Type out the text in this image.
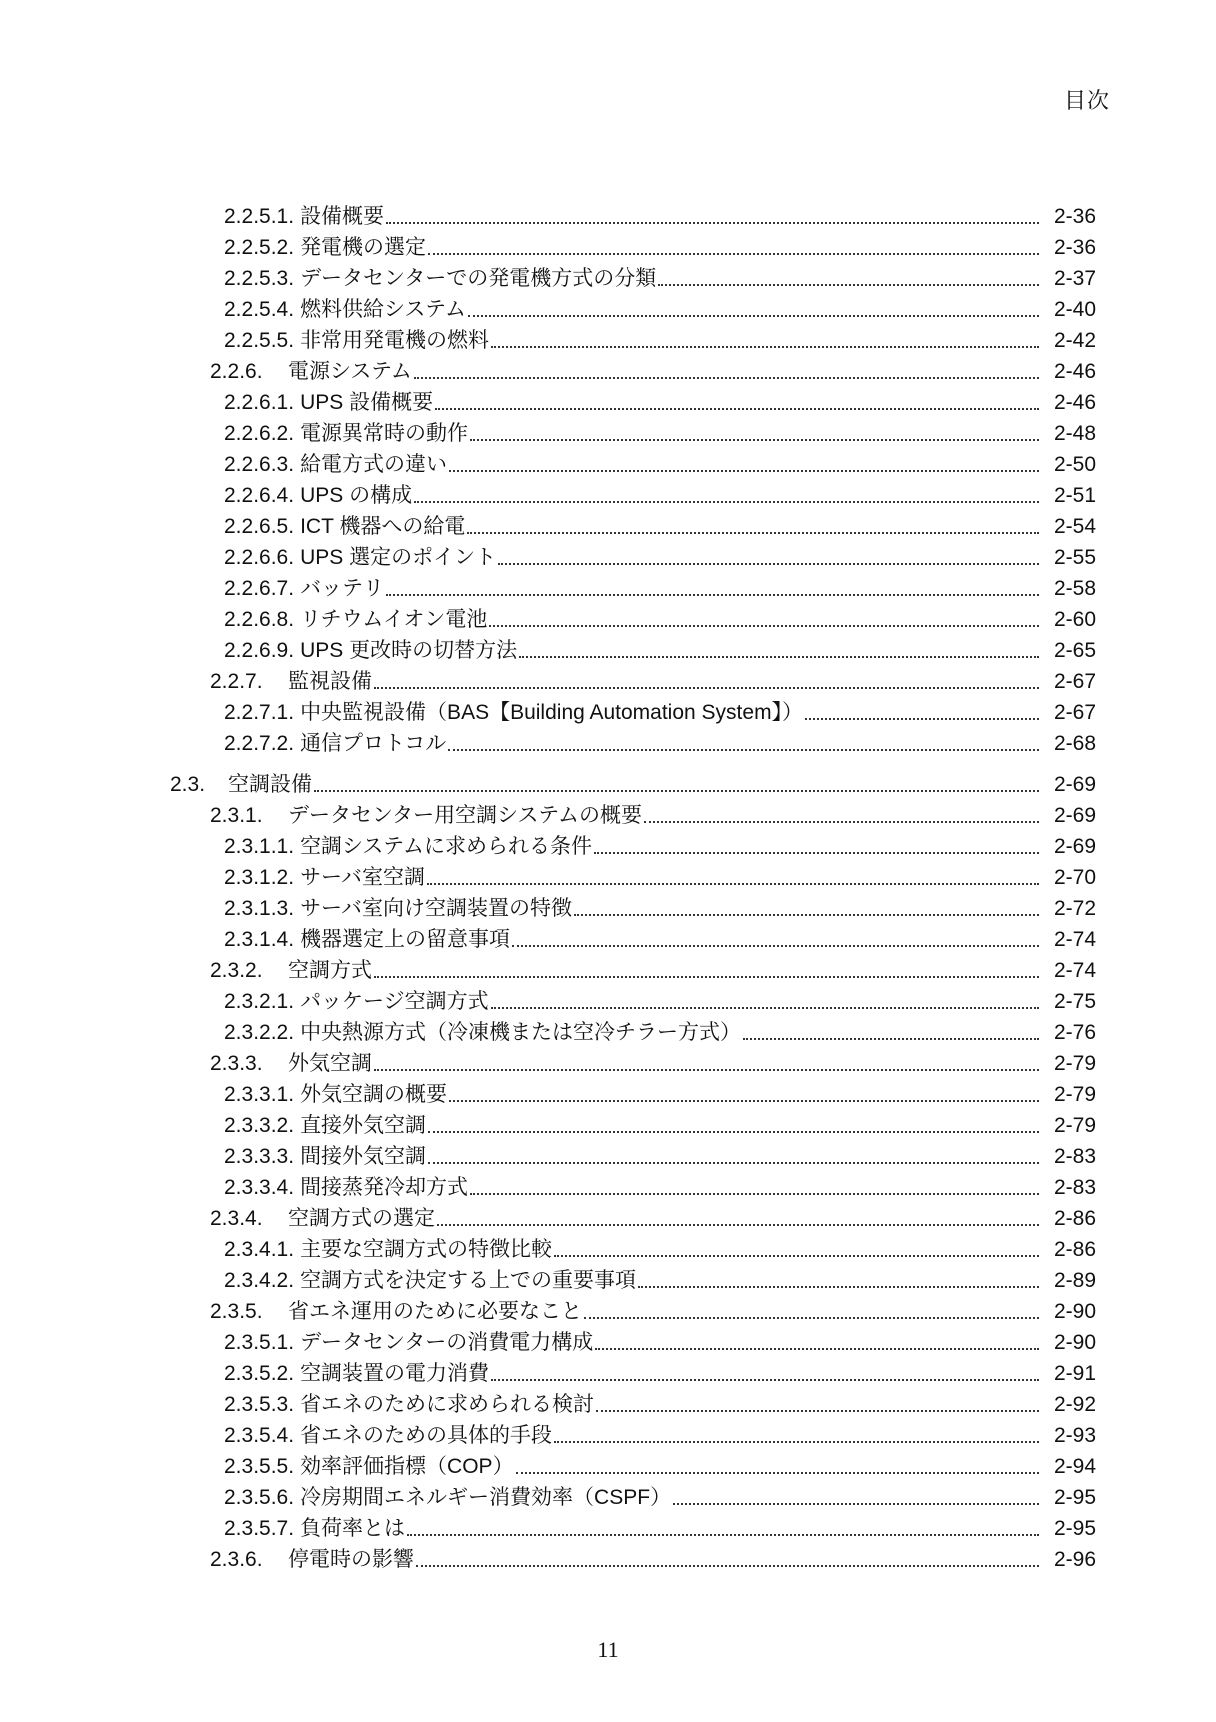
目次
2.2.5.1. 設備概要	2-36
2.2.5.2. 発電機の選定	2-36
2.2.5.3. データセンターでの発電機方式の分類	2-37
2.2.5.4. 燃料供給システム	2-40
2.2.5.5. 非常用発電機の燃料	2-42
2.2.6.	電源システム	2-46
2.2.6.1. UPS 設備概要	2-46
2.2.6.2. 電源異常時の動作	2-48
2.2.6.3. 給電方式の違い	2-50
2.2.6.4. UPS の構成	2-51
2.2.6.5. ICT 機器への給電	2-54
2.2.6.6. UPS 選定のポイント	2-55
2.2.6.7. バッテリ	2-58
2.2.6.8. リチウムイオン電池	2-60
2.2.6.9. UPS 更改時の切替方法	2-65
2.2.7.	監視設備	2-67
2.2.7.1. 中央監視設備（BAS【Building Automation System】）	2-67
2.2.7.2. 通信プロトコル	2-68
2.3.	空調設備	2-69
2.3.1.	データセンター用空調システムの概要	2-69
2.3.1.1. 空調システムに求められる条件	2-69
2.3.1.2. サーバ室空調	2-70
2.3.1.3. サーバ室向け空調装置の特徴	2-72
2.3.1.4. 機器選定上の留意事項	2-74
2.3.2.	空調方式	2-74
2.3.2.1. パッケージ空調方式	2-75
2.3.2.2. 中央熱源方式（冷凍機または空冷チラー方式）	2-76
2.3.3.	外気空調	2-79
2.3.3.1. 外気空調の概要	2-79
2.3.3.2. 直接外気空調	2-79
2.3.3.3. 間接外気空調	2-83
2.3.3.4. 間接蒸発冷却方式	2-83
2.3.4.	空調方式の選定	2-86
2.3.4.1. 主要な空調方式の特徴比較	2-86
2.3.4.2. 空調方式を決定する上での重要事項	2-89
2.3.5.	省エネ運用のために必要なこと	2-90
2.3.5.1. データセンターの消費電力構成	2-90
2.3.5.2. 空調装置の電力消費	2-91
2.3.5.3. 省エネのために求められる検討	2-92
2.3.5.4. 省エネのための具体的手段	2-93
2.3.5.5. 効率評価指標（COP）	2-94
2.3.5.6. 冷房期間エネルギー消費効率（CSPF）	2-95
2.3.5.7. 負荷率とは	2-95
2.3.6.	停電時の影響	2-96
11
